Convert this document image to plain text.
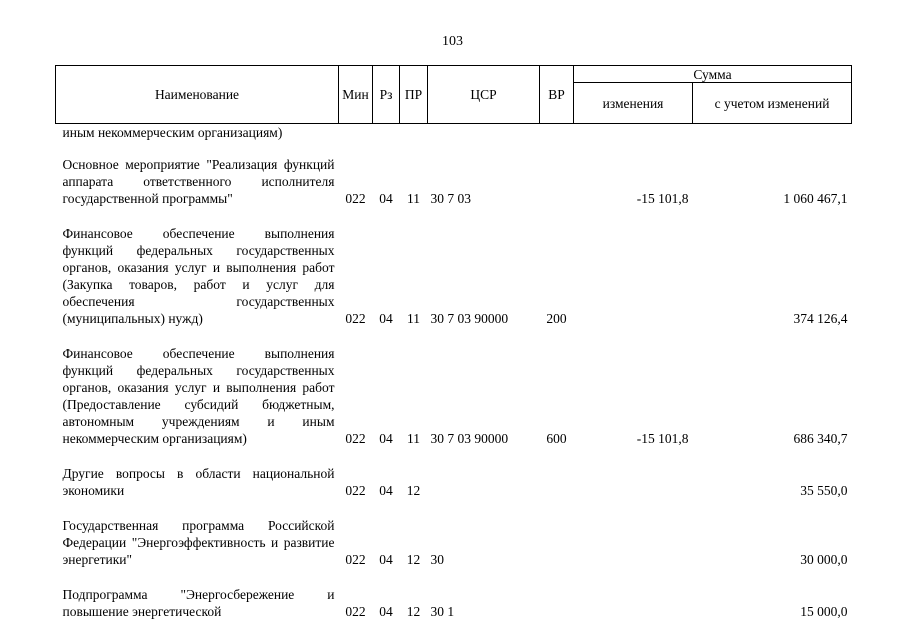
103
Наименование	Мин	Рз	ПР	ЦСР	ВР	Сумма	
						изменения	с учетом изменений
иным некоммерческим организациям)							
Основное мероприятие "Реализация функций аппарата ответственного исполнителя государственной программы"	022	04	11	30 7 03		-15 101,8	1 060 467,1
Финансовое обеспечение выполнения функций федеральных государственных органов, оказания услуг и выполнения работ (Закупка товаров, работ и услуг для обеспечения государственных (муниципальных) нужд)	022	04	11	30 7 03 90000	200		374 126,4
Финансовое обеспечение выполнения функций федеральных государственных органов, оказания услуг и выполнения работ (Предоставление субсидий бюджетным, автономным учреждениям и иным некоммерческим организациям)	022	04	11	30 7 03 90000	600	-15 101,8	686 340,7
Другие вопросы в области национальной экономики	022	04	12				35 550,0
Государственная программа Российской Федерации "Энергоэффективность и развитие энергетики"	022	04	12	30			30 000,0
Подпрограмма "Энергосбережение и повышение энергетической	022	04	12	30 1			15 000,0
